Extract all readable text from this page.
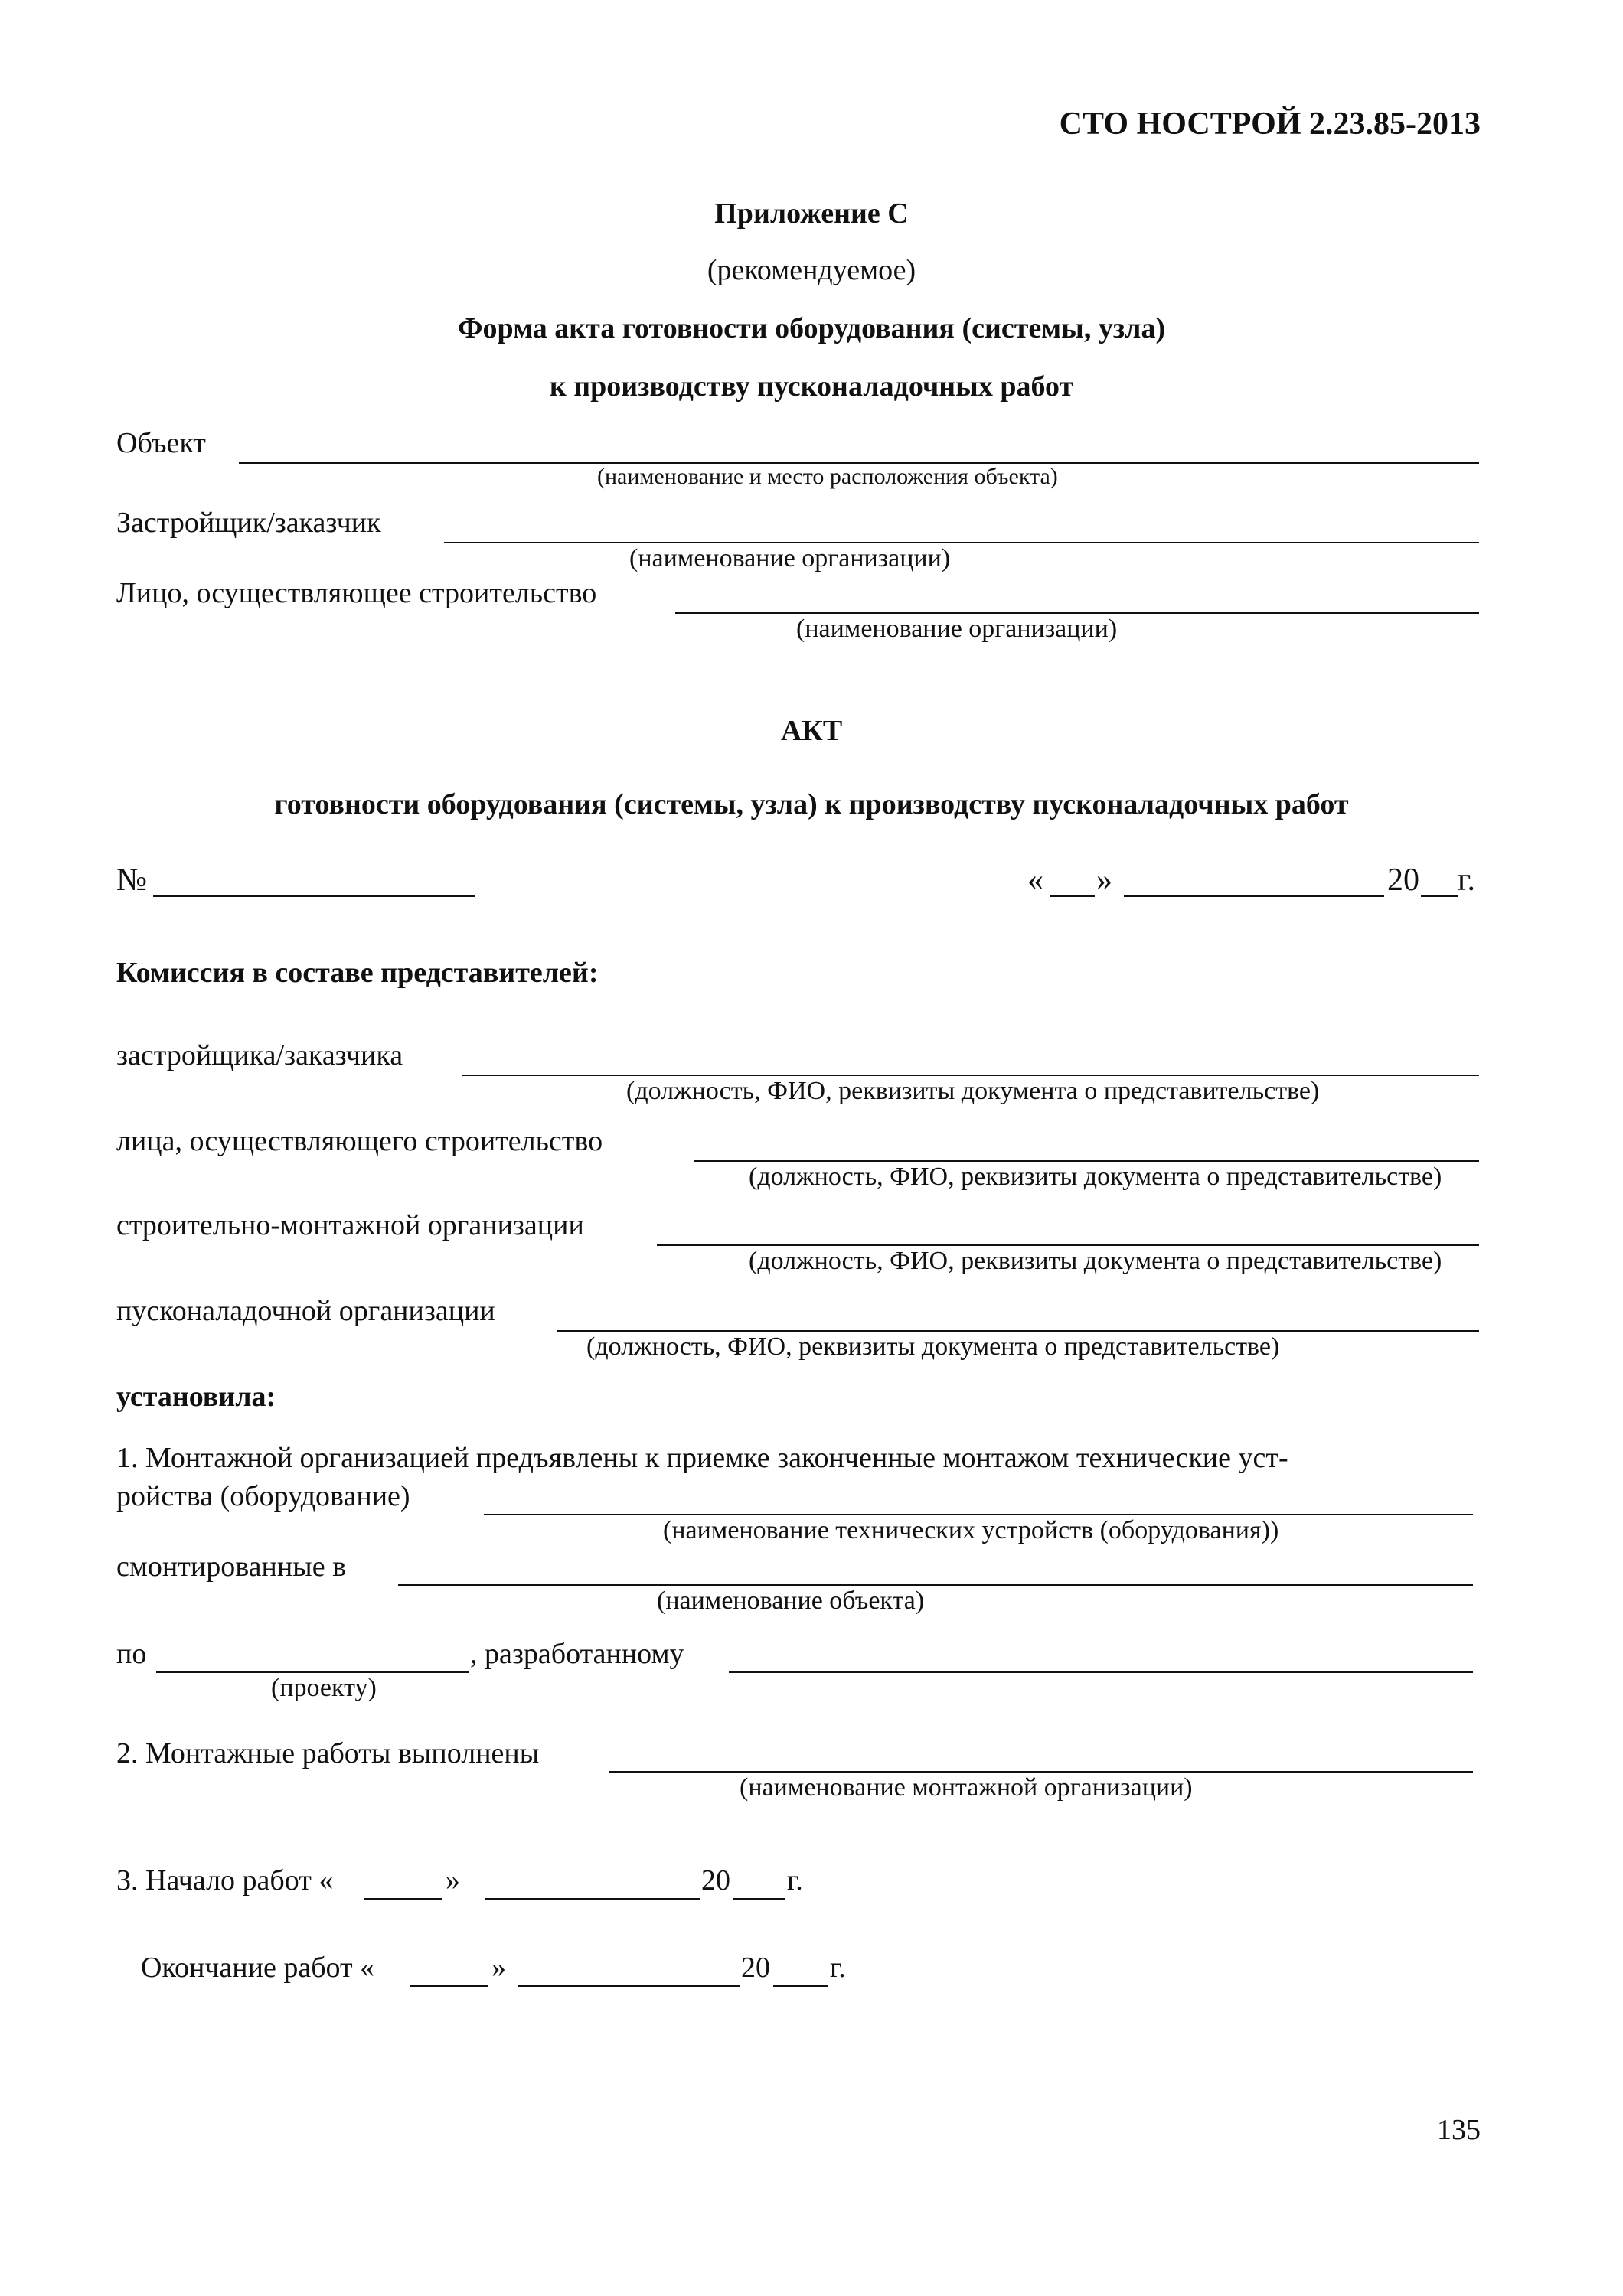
СТО НОСТРОЙ 2.23.85-2013
Приложение С
(рекомендуемое)
Форма акта готовности оборудования (системы, узла)
к производству пусконаладочных работ
Объект
(наименование и место расположения объекта)
Застройщик/заказчик
(наименование организации)
Лицо, осуществляющее строительство
(наименование организации)
АКТ
готовности оборудования (системы, узла) к производству пусконаладочных работ
№	« »	20 г.
Комиссия в составе представителей:
застройщика/заказчика
(должность, ФИО, реквизиты документа о представительстве)
лица, осуществляющего строительство
(должность, ФИО, реквизиты документа о представительстве)
строительно-монтажной организации
(должность, ФИО, реквизиты документа о представительстве)
пусконаладочной организации
(должность, ФИО, реквизиты документа о представительстве)
установила:
1. Монтажной организацией предъявлены к приемке законченные монтажом технические уст-
ройства (оборудование)
(наименование технических устройств (оборудования))
смонтированные в
(наименование объекта)
по
(проекту)
, разработанному
2. Монтажные работы выполнены
(наименование монтажной организации)
3. Начало работ «	»	20 г.
Окончание работ «	»	20 г.
135
